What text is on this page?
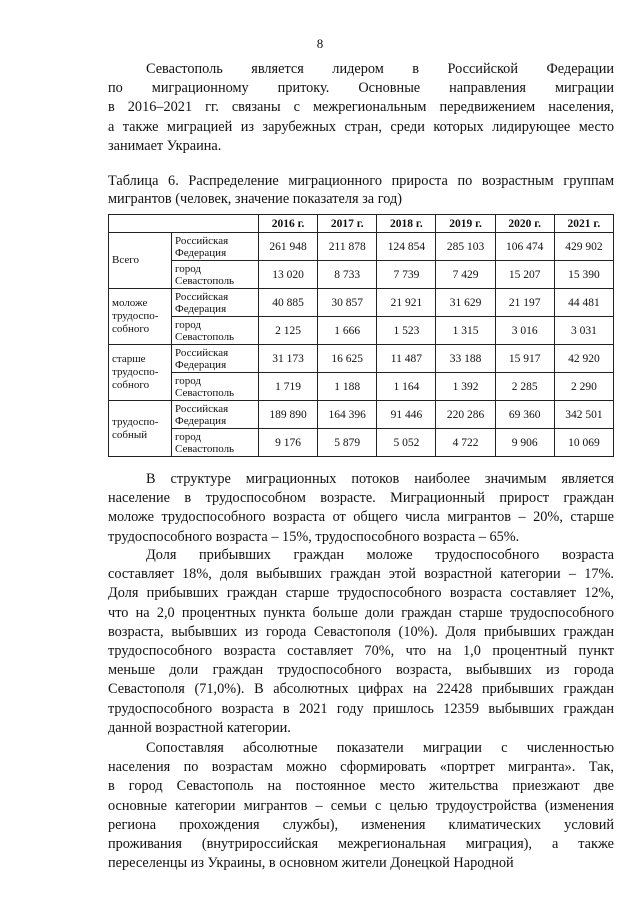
8
Севастополь является лидером в Российской Федерации
по миграционному притоку. Основные направления миграции
в 2016–2021 гг. связаны с межрегиональным передвижением населения,
а также миграцией из зарубежных стран, среди которых лидирующее место
занимает Украина.
Таблица 6. Распределение миграционного прироста по возрастным группам
мигрантов (человек, значение показателя за год)
		2016 г.	2017 г.	2018 г.	2019 г.	2020 г.	2021 г.
Всего	Российская Федерация	261 948	211 878	124 854	285 103	106 474	429 902
	город Севастополь	13 020	8 733	7 739	7 429	15 207	15 390
моложе трудоспо-собного	Российская Федерация	40 885	30 857	21 921	31 629	21 197	44 481
	город Севастополь	2 125	1 666	1 523	1 315	3 016	3 031
старше трудоспо-собного	Российская Федерация	31 173	16 625	11 487	33 188	15 917	42 920
	город Севастополь	1 719	1 188	1 164	1 392	2 285	2 290
трудоспо-собный	Российская Федерация	189 890	164 396	91 446	220 286	69 360	342 501
	город Севастополь	9 176	5 879	5 052	4 722	9 906	10 069
В структуре миграционных потоков наиболее значимым является
население в трудоспособном возрасте. Миграционный прирост граждан
моложе трудоспособного возраста от общего числа мигрантов – 20%, старше
трудоспособного возраста – 15%, трудоспособного возраста – 65%.
Доля прибывших граждан моложе трудоспособного возраста
составляет 18%, доля выбывших граждан этой возрастной категории – 17%.
Доля прибывших граждан старше трудоспособного возраста составляет 12%,
что на 2,0 процентных пункта больше доли граждан старше трудоспособного
возраста, выбывших из города Севастополя (10%). Доля прибывших граждан
трудоспособного возраста составляет 70%, что на 1,0 процентный пункт
меньше доли граждан трудоспособного возраста, выбывших из города
Севастополя (71,0%). В абсолютных цифрах на 22428 прибывших граждан
трудоспособного возраста в 2021 году пришлось 12359 выбывших граждан
данной возрастной категории.
Сопоставляя абсолютные показатели миграции с численностью
населения по возрастам можно сформировать «портрет мигранта». Так,
в город Севастополь на постоянное место жительства приезжают две
основные категории мигрантов – семьи с целью трудоустройства (изменения
региона прохождения службы), изменения климатических условий
проживания (внутрироссийская межрегиональная миграция), а также
переселенцы из Украины, в основном жители Донецкой Народной
